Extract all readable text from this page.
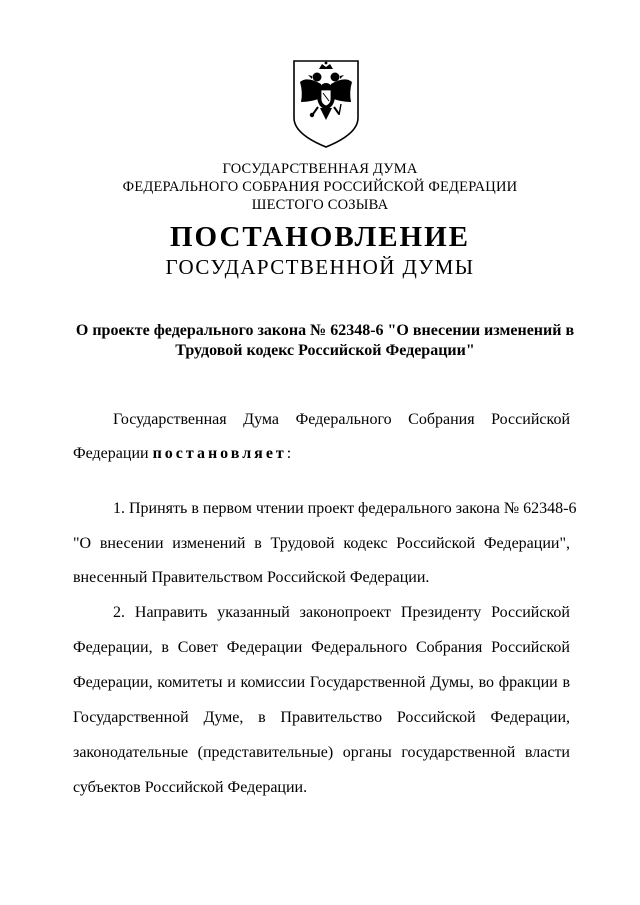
ГОСУДАРСТВЕННАЯ ДУМА
ФЕДЕРАЛЬНОГО СОБРАНИЯ РОССИЙСКОЙ ФЕДЕРАЦИИ
ШЕСТОГО СОЗЫВА
ПОСТАНОВЛЕНИЕ
ГОСУДАРСТВЕННОЙ ДУМЫ
О проекте федерального закона № 62348-6 "О внесении изменений в
Трудовой кодекс Российской Федерации"
Государственная Дума Федерального Собрания Российской
Федерации постановляет:
1. Принять в первом чтении проект федерального закона № 62348-6
"О внесении изменений в Трудовой кодекс Российской Федерации",
внесенный Правительством Российской Федерации.
2. Направить указанный законопроект Президенту Российской
Федерации, в Совет Федерации Федерального Собрания Российской
Федерации, комитеты и комиссии Государственной Думы, во фракции в
Государственной Думе, в Правительство Российской Федерации,
законодательные (представительные) органы государственной власти
субъектов Российской Федерации.
